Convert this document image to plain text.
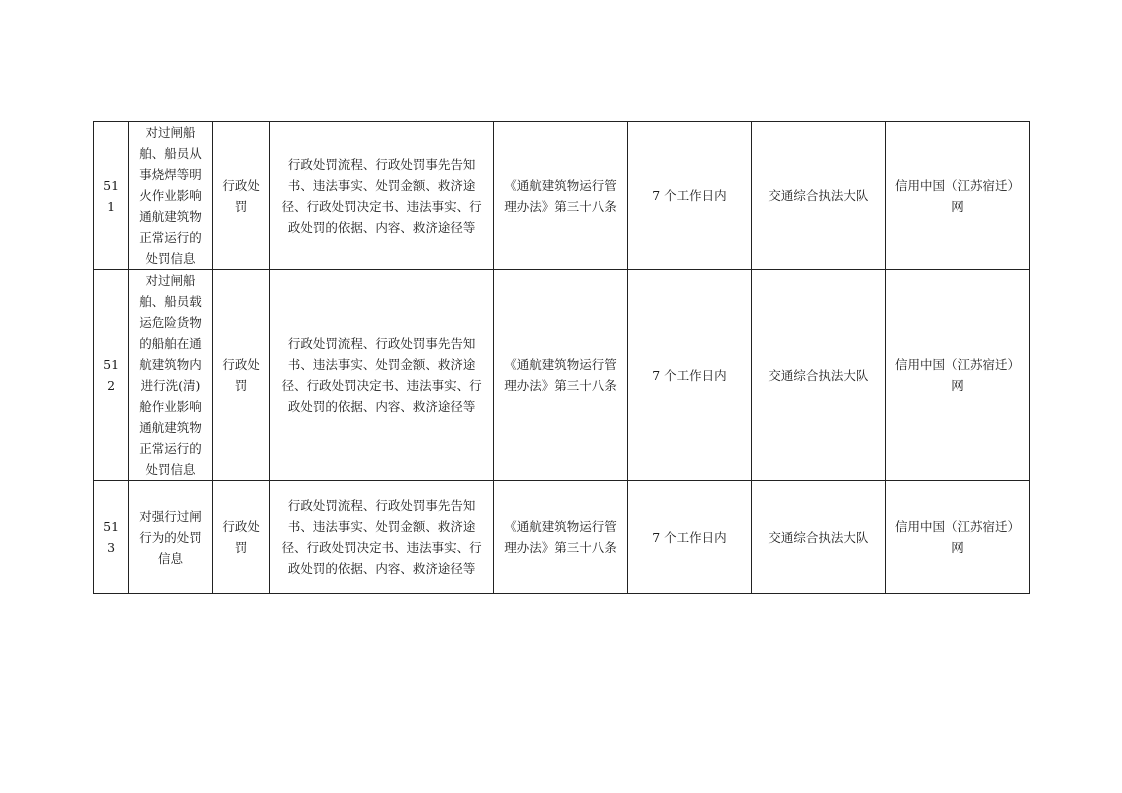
511	对过闸船舶、船员从事烧焊等明火作业影响通航建筑物正常运行的处罚信息	行政处罚	行政处罚流程、行政处罚事先告知书、违法事实、处罚金额、救济途径、行政处罚决定书、违法事实、行政处罚的依据、内容、救济途径等	《通航建筑物运行管理办法》第三十八条	7 个工作日内	交通综合执法大队	信用中国（江苏宿迁）网
512	对过闸船舶、船员载运危险货物的船舶在通航建筑物内进行洗(清)舱作业影响通航建筑物正常运行的处罚信息	行政处罚	行政处罚流程、行政处罚事先告知书、违法事实、处罚金额、救济途径、行政处罚决定书、违法事实、行政处罚的依据、内容、救济途径等	《通航建筑物运行管理办法》第三十八条	7 个工作日内	交通综合执法大队	信用中国（江苏宿迁）网
513	对强行过闸行为的处罚信息	行政处罚	行政处罚流程、行政处罚事先告知书、违法事实、处罚金额、救济途径、行政处罚决定书、违法事实、行政处罚的依据、内容、救济途径等	《通航建筑物运行管理办法》第三十八条	7 个工作日内	交通综合执法大队	信用中国（江苏宿迁）网
